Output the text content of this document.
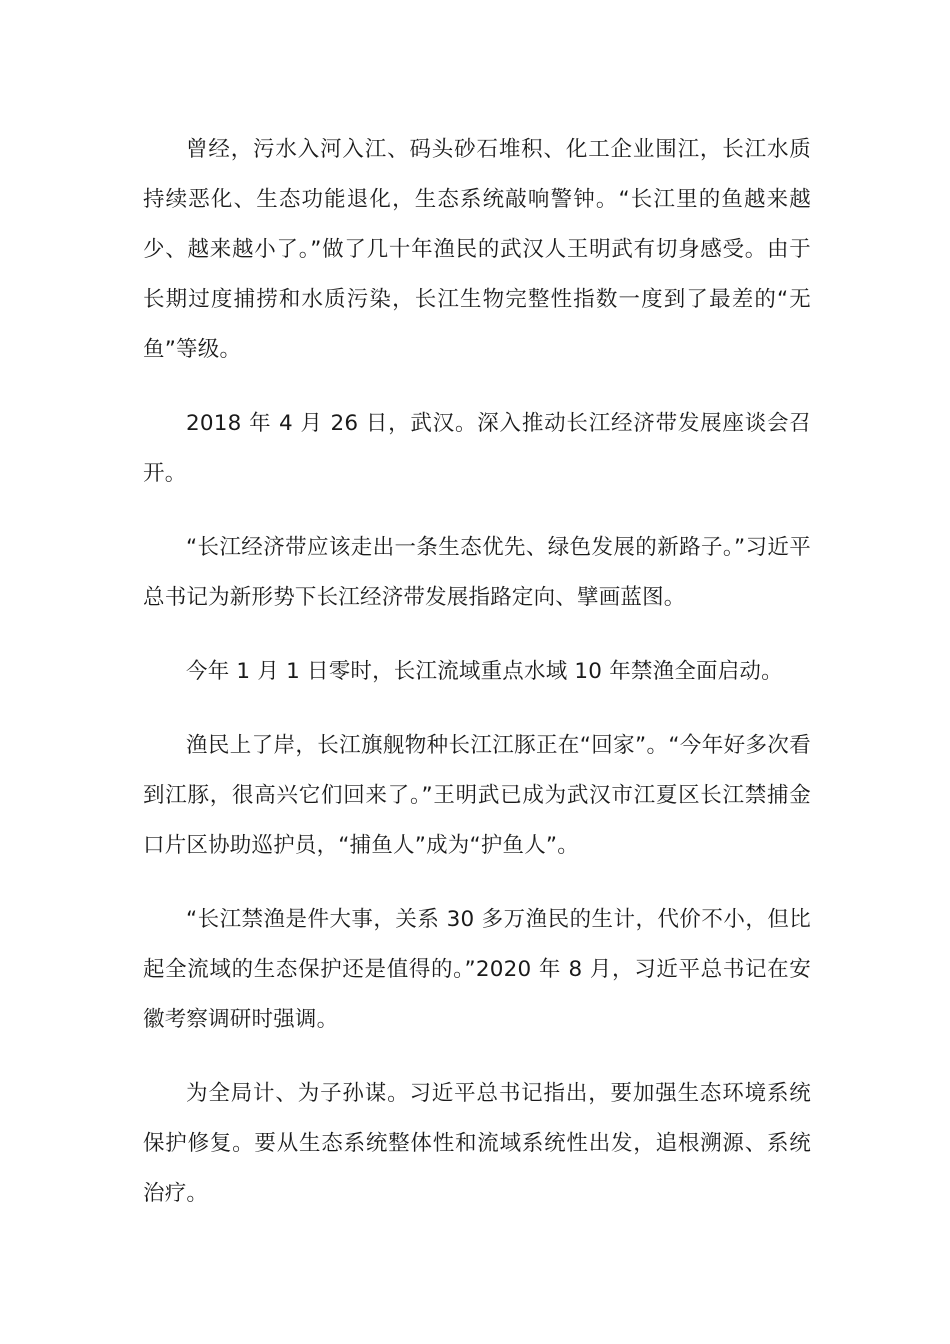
曾经，污水入河入江、码头砂石堆积、化工企业围江，长江水质持续恶化、生态功能退化，生态系统敲响警钟。“长江里的鱼越来越少、越来越小了。”做了几十年渔民的武汉人王明武有切身感受。由于长期过度捕捞和水质污染，长江生物完整性指数一度到了最差的“无鱼”等级。

2018 年 4 月 26 日，武汉。深入推动长江经济带发展座谈会召开。

“长江经济带应该走出一条生态优先、绿色发展的新路子。”习近平总书记为新形势下长江经济带发展指路定向、擘画蓝图。

今年 1 月 1 日零时，长江流域重点水域 10 年禁渔全面启动。

渔民上了岸，长江旗舰物种长江江豚正在“回家”。“今年好多次看到江豚，很高兴它们回来了。”王明武已成为武汉市江夏区长江禁捕金口片区协助巡护员，“捕鱼人”成为“护鱼人”。

“长江禁渔是件大事，关系 30 多万渔民的生计，代价不小，但比起全流域的生态保护还是值得的。”2020 年 8 月，习近平总书记在安徽考察调研时强调。

为全局计、为子孙谋。习近平总书记指出，要加强生态环境系统保护修复。要从生态系统整体性和流域系统性出发，追根溯源、系统治疗。
